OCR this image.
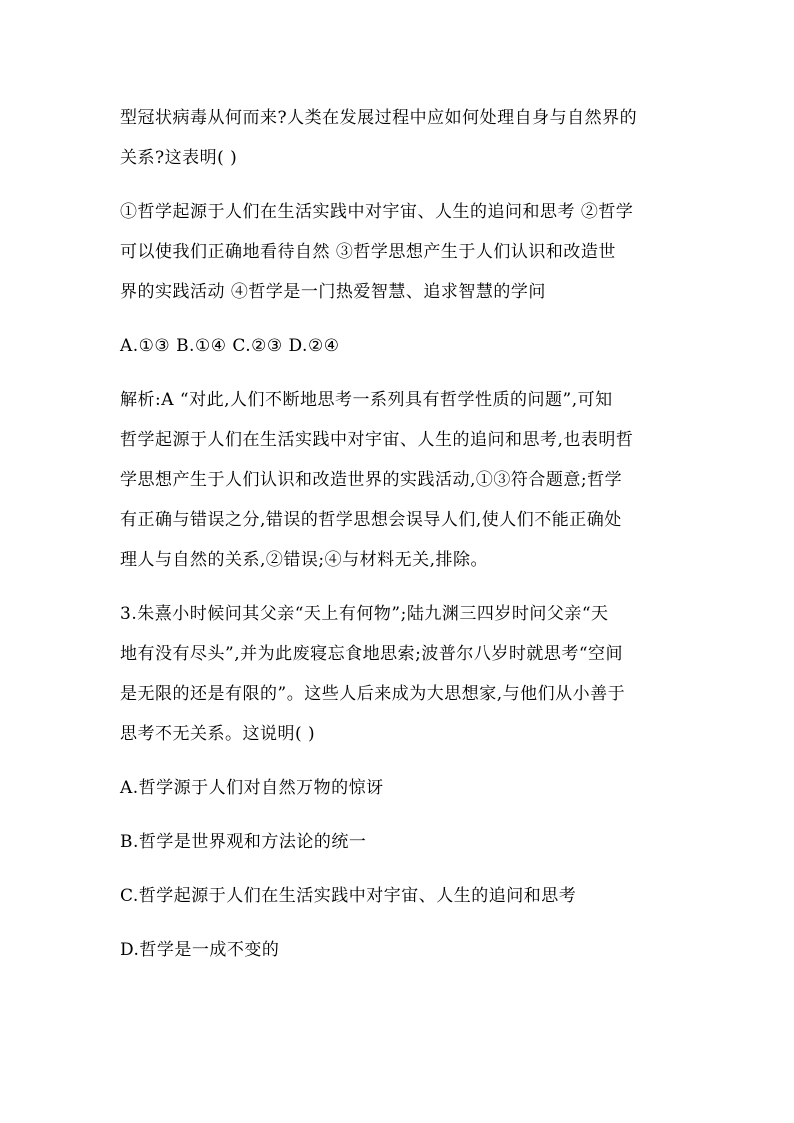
型冠状病毒从何而来?人类在发展过程中应如何处理自身与自然界的
关系?这表明( )
①哲学起源于人们在生活实践中对宇宙、人生的追问和思考 ②哲学
可以使我们正确地看待自然 ③哲学思想产生于人们认识和改造世
界的实践活动 ④哲学是一门热爱智慧、追求智慧的学问
A.①③ B.①④ C.②③ D.②④
解析:A “对此,人们不断地思考一系列具有哲学性质的问题”,可知
哲学起源于人们在生活实践中对宇宙、人生的追问和思考,也表明哲
学思想产生于人们认识和改造世界的实践活动,①③符合题意;哲学
有正确与错误之分,错误的哲学思想会误导人们,使人们不能正确处
理人与自然的关系,②错误;④与材料无关,排除。
3.朱熹小时候问其父亲“天上有何物”;陆九渊三四岁时问父亲“天
地有没有尽头”,并为此废寝忘食地思索;波普尔八岁时就思考“空间
是无限的还是有限的”。这些人后来成为大思想家,与他们从小善于
思考不无关系。这说明( )
A.哲学源于人们对自然万物的惊讶
B.哲学是世界观和方法论的统一
C.哲学起源于人们在生活实践中对宇宙、人生的追问和思考
D.哲学是一成不变的
